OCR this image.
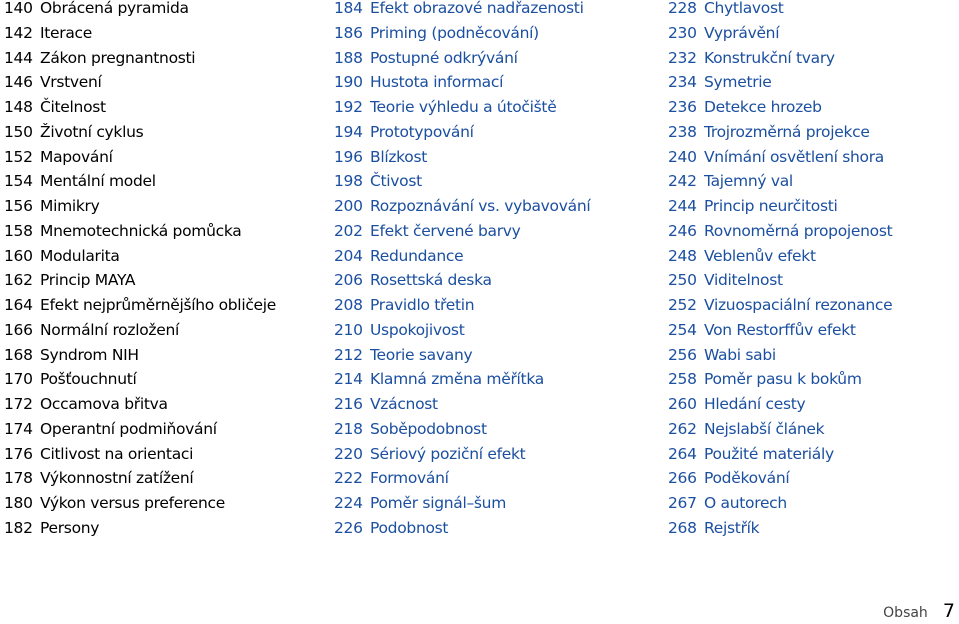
140 Obrácená pyramida
142 Iterace
144 Zákon pregnantnosti
146 Vrstvení
148 Čitelnost
150 Životní cyklus
152 Mapování
154 Mentální model
156 Mimikry
158 Mnemotechnická pomůcka
160 Modularita
162 Princip MAYA
164 Efekt nejprůměrnějšího obličeje
166 Normální rozložení
168 Syndrom NIH
170 Pošťouchnutí
172 Occamova břitva
174 Operantní podmiňování
176 Citlivost na orientaci
178 Výkonnostní zatížení
180 Výkon versus preference
182 Persony
184 Efekt obrazové nadřazenosti
186 Priming (podněcování)
188 Postupné odkrývání
190 Hustota informací
192 Teorie výhledu a útočiště
194 Prototypování
196 Blízkost
198 Čtivost
200 Rozpoznávání vs. vybavování
202 Efekt červené barvy
204 Redundance
206 Rosettská deska
208 Pravidlo třetin
210 Uspokojivost
212 Teorie savany
214 Klamná změna měřítka
216 Vzácnost
218 Soběpodobnost
220 Sériový poziční efekt
222 Formování
224 Poměr signál–šum
226 Podobnost
228 Chytlavost
230 Vyprávění
232 Konstrukční tvary
234 Symetrie
236 Detekce hrozeb
238 Trojrozměrná projekce
240 Vnímání osvětlení shora
242 Tajemný val
244 Princip neurčitosti
246 Rovnoměrná propojenost
248 Veblenův efekt
250 Viditelnost
252 Vizuospaciální rezonance
254 Von Restorffův efekt
256 Wabi sabi
258 Poměr pasu k bokům
260 Hledání cesty
262 Nejslabší článek
264 Použité materiály
266 Poděkování
267 O autorech
268 Rejstřík
Obsah 7
